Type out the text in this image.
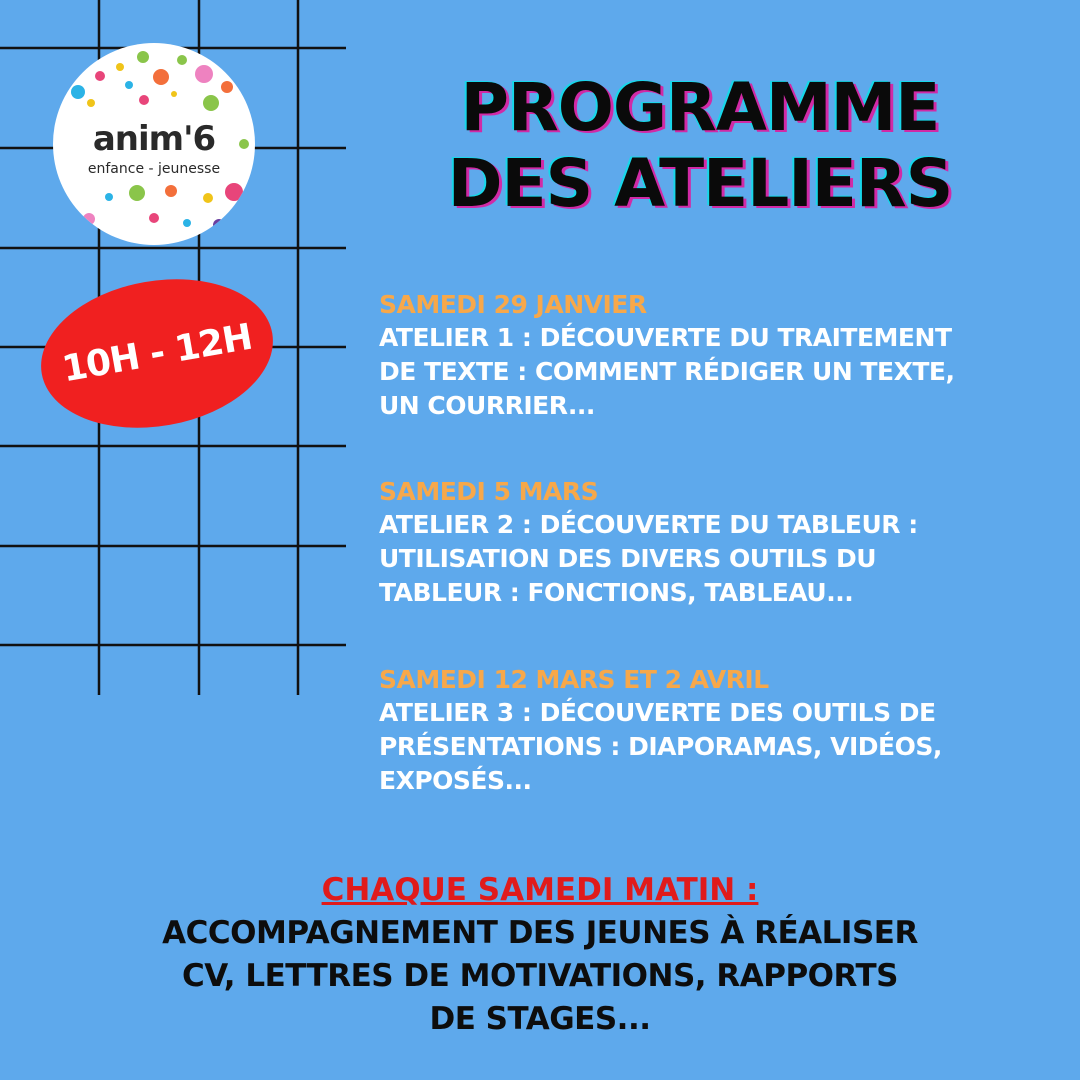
anim'6
enfance - jeunesse
10H - 12H
PROGRAMME
DES ATELIERS
SAMEDI 29 JANVIER
ATELIER 1 : DÉCOUVERTE DU TRAITEMENT
DE TEXTE : COMMENT RÉDIGER UN TEXTE,
UN COURRIER...
SAMEDI 5 MARS
ATELIER 2 : DÉCOUVERTE DU TABLEUR :
UTILISATION DES DIVERS OUTILS DU
TABLEUR : FONCTIONS, TABLEAU...
SAMEDI 12 MARS ET 2 AVRIL
ATELIER 3 : DÉCOUVERTE DES OUTILS DE
PRÉSENTATIONS : DIAPORAMAS, VIDÉOS,
EXPOSÉS...
CHAQUE SAMEDI MATIN :
ACCOMPAGNEMENT DES JEUNES À RÉALISER
CV, LETTRES DE MOTIVATIONS, RAPPORTS
DE STAGES...
